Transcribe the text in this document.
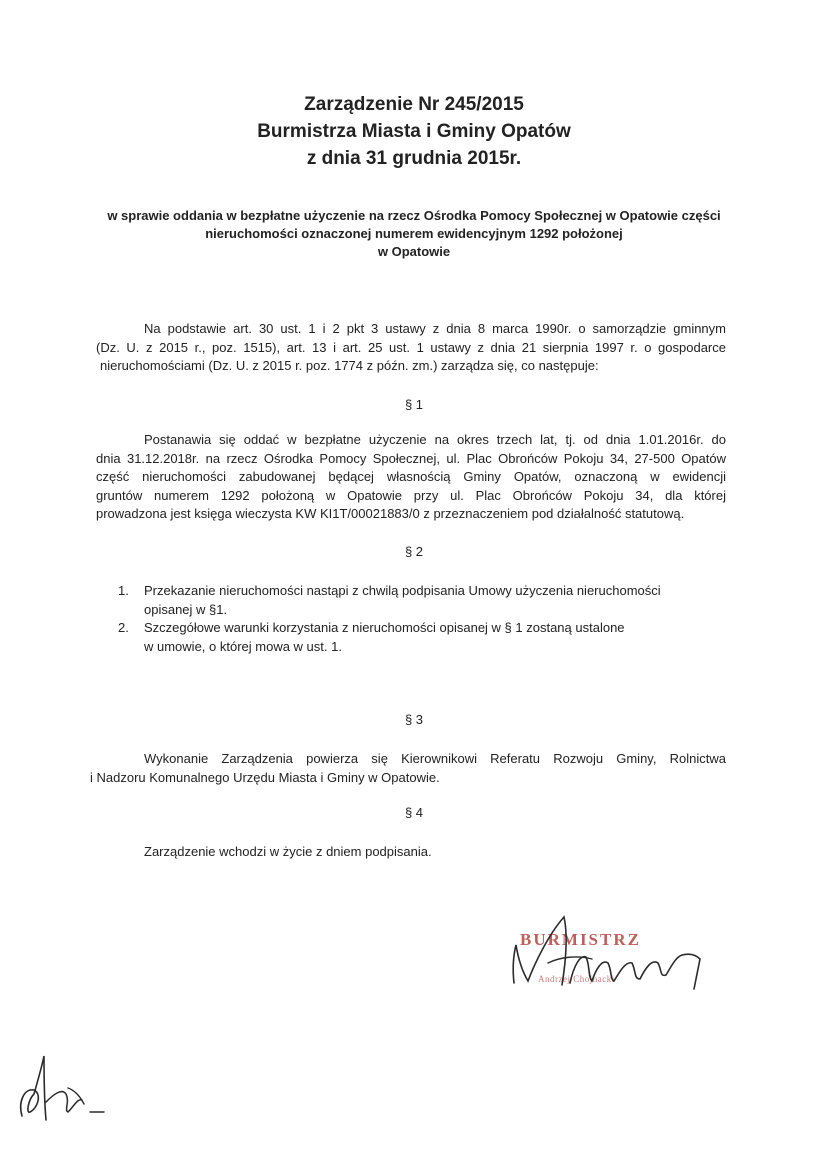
Zarządzenie Nr 245/2015
Burmistrza Miasta i Gminy Opatów
z dnia 31 grudnia 2015r.
w sprawie oddania w bezpłatne użyczenie na rzecz Ośrodka Pomocy Społecznej w Opatowie części
nieruchomości oznaczonej numerem ewidencyjnym 1292 położonej
w Opatowie
Na podstawie art. 30 ust. 1 i 2 pkt 3 ustawy z dnia 8 marca 1990r. o samorządzie gminnym
(Dz. U. z 2015 r., poz. 1515), art. 13 i art. 25 ust. 1 ustawy z dnia 21 sierpnia 1997 r. o gospodarce
nieruchomościami (Dz. U. z 2015 r. poz. 1774 z późn. zm.) zarządza się, co następuje:
§ 1
Postanawia się oddać w bezpłatne użyczenie na okres trzech lat, tj. od dnia 1.01.2016r. do
dnia 31.12.2018r. na rzecz Ośrodka Pomocy Społecznej, ul. Plac Obrońców Pokoju 34, 27-500 Opatów
część nieruchomości zabudowanej będącej własnością Gminy Opatów, oznaczoną w ewidencji
gruntów numerem 1292 położoną w Opatowie przy ul. Plac Obrońców Pokoju 34, dla której
prowadzona jest księga wieczysta KW KI1T/00021883/0 z przeznaczeniem pod działalność statutową.
§ 2
1. Przekazanie nieruchomości nastąpi z chwilą podpisania Umowy użyczenia nieruchomości
opisanej w §1.
2. Szczegółowe warunki korzystania z nieruchomości opisanej w § 1 zostaną ustalone
w umowie, o której mowa w ust. 1.
§ 3
Wykonanie Zarządzenia powierza się Kierownikowi Referatu Rozwoju Gminy, Rolnictwa
i Nadzoru Komunalnego Urzędu Miasta i Gminy w Opatowie.
§ 4
Zarządzenie wchodzi w życie z dniem podpisania.
BURMISTRZ
Andrzej Chojnacki
